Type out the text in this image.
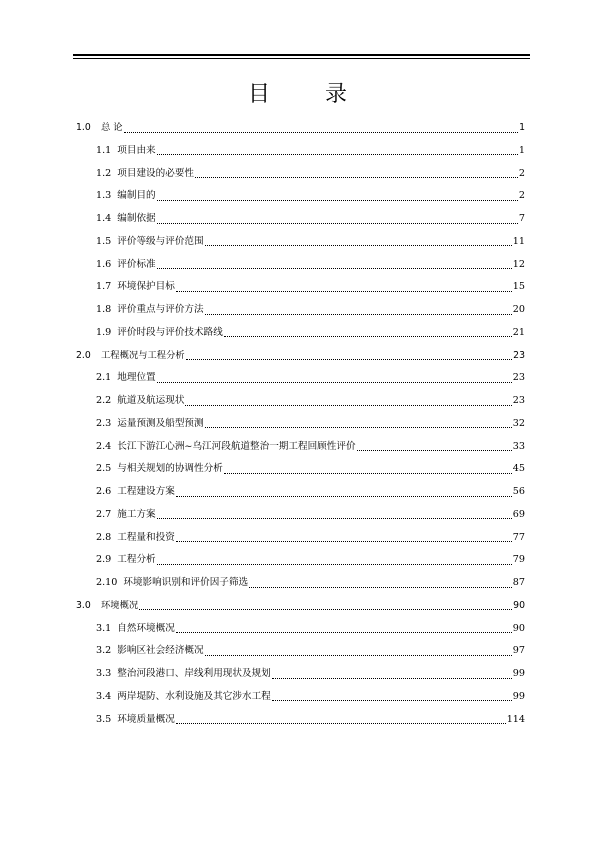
目 录
1.0	总 论	1
1.1 项目由来	1
1.2 项目建设的必要性	2
1.3 编制目的	2
1.4 编制依据	7
1.5 评价等级与评价范围	11
1.6 评价标准	12
1.7 环境保护目标	15
1.8 评价重点与评价方法	20
1.9 评价时段与评价技术路线	21
2.0	工程概况与工程分析	23
2.1 地理位置	23
2.2 航道及航运现状	23
2.3 运量预测及船型预测	32
2.4 长江下游江心洲~乌江河段航道整治一期工程回顾性评价	33
2.5 与相关规划的协调性分析	45
2.6 工程建设方案	56
2.7 施工方案	69
2.8 工程量和投资	77
2.9 工程分析	79
2.10 环境影响识别和评价因子筛选	87
3.0	环境概况	90
3.1 自然环境概况	90
3.2 影响区社会经济概况	97
3.3 整治河段港口、岸线利用现状及规划	99
3.4 两岸堤防、水利设施及其它涉水工程	99
3.5 环境质量概况	114
